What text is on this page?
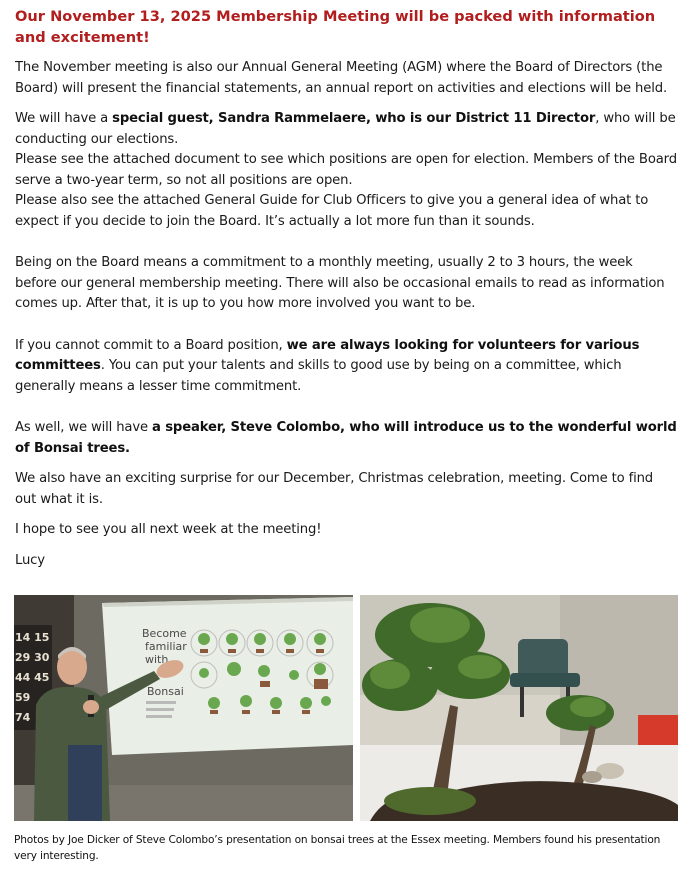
Our November 13, 2025 Membership Meeting will be packed with information and excitement!

The November meeting is also our Annual General Meeting (AGM) where the Board of Directors (the Board) will present the financial statements, an annual report on activities and elections will be held.

We will have a special guest, Sandra Rammelaere, who is our District 11 Director, who will be conducting our elections.

Please see the attached document to see which positions are open for election. Members of the Board serve a two-year term, so not all positions are open.

Please also see the attached General Guide for Club Officers to give you a general idea of what to expect if you decide to join the Board. It’s actually a lot more fun than it sounds.

Being on the Board means a commitment to a monthly meeting, usually 2 to 3 hours, the week before our general membership meeting. There will also be occasional emails to read as information comes up. After that, it is up to you how more involved you want to be.

If you cannot commit to a Board position, we are always looking for volunteers for various committees. You can put your talents and skills to good use by being on a committee, which generally means a lesser time commitment.

As well, we will have a speaker, Steve Colombo, who will introduce us to the wonderful world of Bonsai trees.

We also have an exciting surprise for our December, Christmas celebration, meeting. Come to find out what it is.

I hope to see you all next week at the meeting!

Lucy

Become
familiar
with
Bonsai
14 15
29 30
44 45
59
74

Photos by Joe Dicker of Steve Colombo’s presentation on bonsai trees at the Essex meeting. Members found his presentation very interesting.
